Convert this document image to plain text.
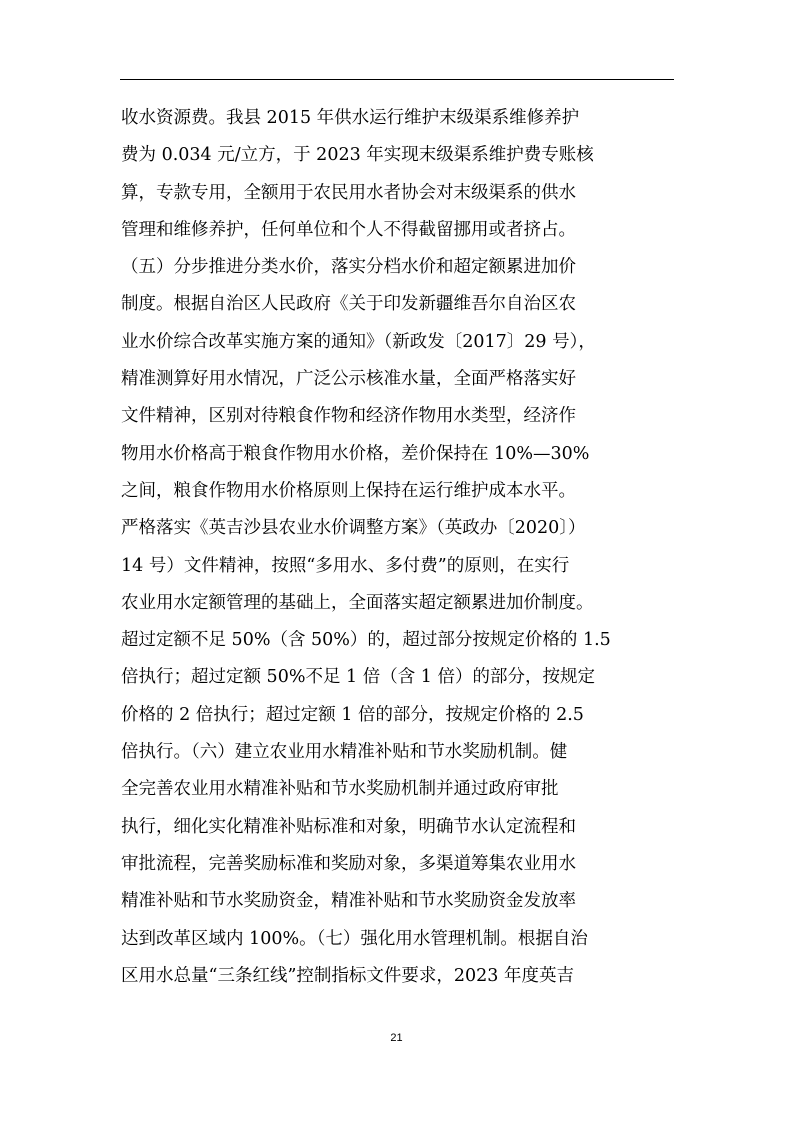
收水资源费。我县 2015 年供水运行维护末级渠系维修养护
费为 0.034 元/立方，于 2023 年实现末级渠系维护费专账核
算，专款专用，全额用于农民用水者协会对末级渠系的供水
管理和维修养护，任何单位和个人不得截留挪用或者挤占。
（五）分步推进分类水价，落实分档水价和超定额累进加价
制度。根据自治区人民政府《关于印发新疆维吾尔自治区农
业水价综合改革实施方案的通知》（新政发〔2017〕29 号），
精准测算好用水情况，广泛公示核准水量，全面严格落实好
文件精神，区别对待粮食作物和经济作物用水类型，经济作
物用水价格高于粮食作物用水价格，差价保持在 10%—30%
之间，粮食作物用水价格原则上保持在运行维护成本水平。
严格落实《英吉沙县农业水价调整方案》（英政办〔2020〕）
14 号）文件精神，按照“多用水、多付费”的原则，在实行
农业用水定额管理的基础上，全面落实超定额累进加价制度。
超过定额不足 50%（含 50%）的，超过部分按规定价格的 1.5
倍执行；超过定额 50%不足 1 倍（含 1 倍）的部分，按规定
价格的 2 倍执行；超过定额 1 倍的部分，按规定价格的 2.5
倍执行。（六）建立农业用水精准补贴和节水奖励机制。健
全完善农业用水精准补贴和节水奖励机制并通过政府审批
执行，细化实化精准补贴标准和对象，明确节水认定流程和
审批流程，完善奖励标准和奖励对象，多渠道筹集农业用水
精准补贴和节水奖励资金，精准补贴和节水奖励资金发放率
达到改革区域内 100%。（七）强化用水管理机制。根据自治
区用水总量“三条红线”控制指标文件要求，2023 年度英吉
21
